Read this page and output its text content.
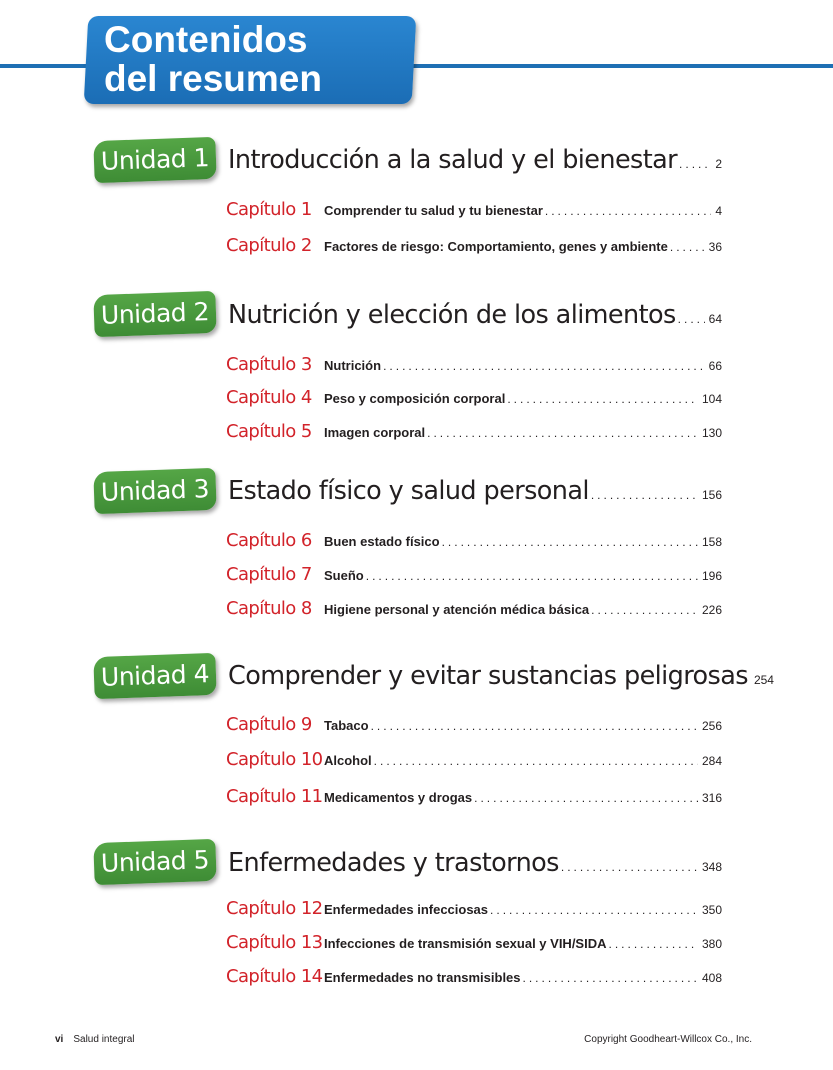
Contenidos
del resumen
Unidad 1 Introducción a la salud y el bienestar .....	2
Capítulo 1 Comprender tu salud y tu bienestar .....	4
Capítulo 2 Factores de riesgo: Comportamiento, genes y ambiente .....	36
Unidad 2 Nutrición y elección de los alimentos .....	64
Capítulo 3 Nutrición .....	66
Capítulo 4 Peso y composición corporal .....	104
Capítulo 5 Imagen corporal .....	130
Unidad 3 Estado físico y salud personal .....	156
Capítulo 6 Buen estado físico .....	158
Capítulo 7 Sueño .....	196
Capítulo 8 Higiene personal y atención médica básica .....	226
Unidad 4 Comprender y evitar sustancias peligrosas 254
Capítulo 9 Tabaco .....	256
Capítulo 10 Alcohol .....	284
Capítulo 11 Medicamentos y drogas .....	316
Unidad 5 Enfermedades y trastornos .....	348
Capítulo 12 Enfermedades infecciosas .....	350
Capítulo 13 Infecciones de transmisión sexual y VIH/SIDA .....	380
Capítulo 14 Enfermedades no transmisibles .....	408
vi Salud integral	Copyright Goodheart-Willcox Co., Inc.
